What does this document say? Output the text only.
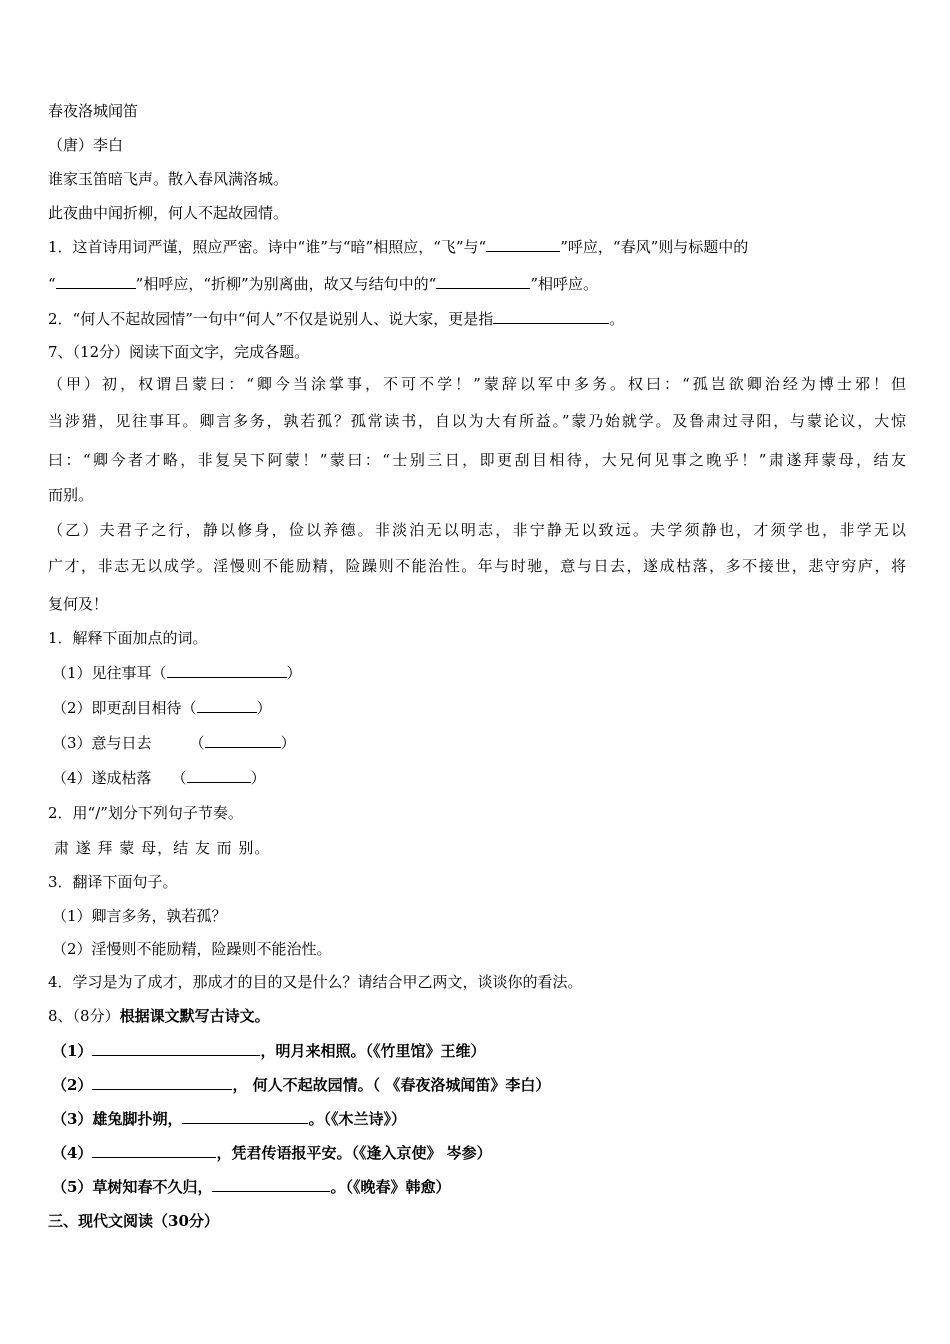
春夜洛城闻笛
（唐）李白
谁家玉笛暗飞声。散入春风满洛城。
此夜曲中闻折柳，何人不起故园情。
1．这首诗用词严谨，照应严密。诗中“谁”与“暗”相照应，“飞”与“	”呼应，“春风”则与标题中的
“	”相呼应，“折柳”为别离曲，故又与结句中的“	”相呼应。
2．“何人不起故园情”一句中“何人”不仅是说别人、说大家，更是指	。
7、（12分）阅读下面文字，完成各题。
（甲）初，权谓吕蒙曰：“卿今当涂掌事，不可不学！”蒙辞以军中多务。权曰：“孤岂欲卿治经为博士邪！但
当涉猎，见往事耳。卿言多务，孰若孤？孤常读书，自以为大有所益。”蒙乃始就学。及鲁肃过寻阳，与蒙论议，大惊
曰：“卿今者才略，非复吴下阿蒙！”蒙曰：“士别三日，即更刮目相待，大兄何见事之晚乎！”肃遂拜蒙母，结友
而别。
（乙）夫君子之行，静以修身，俭以养德。非淡泊无以明志，非宁静无以致远。夫学须静也，才须学也，非学无以
广才，非志无以成学。淫慢则不能励精，险躁则不能治性。年与时驰，意与日去，遂成枯落，多不接世，悲守穷庐，将
复何及！
1．解释下面加点的词。
（1）见往事耳（	）
（2）即更刮目相待（	）
（3）意与日去	（	）
（4）遂成枯落 （	）
2．用“/”划分下列句子节奏。
肃 遂 拜 蒙 母，结 友 而 别。
3．翻译下面句子。
（1）卿言多务，孰若孤？
（2）淫慢则不能励精，险躁则不能治性。
4．学习是为了成才，那成才的目的又是什么？请结合甲乙两文，谈谈你的看法。
8、（8分）根据课文默写古诗文。
（1）	，明月来相照。（《竹里馆》王维）
（2）	， 何人不起故园情。（ 《春夜洛城闻笛》李白）
（3）雄兔脚扑朔，	。（《木兰诗》）
（4）	，凭君传语报平安。（《逢入京使》 岑参）
（5）草树知春不久归，	。（《晚春》韩愈）
三、现代文阅读（30分）
